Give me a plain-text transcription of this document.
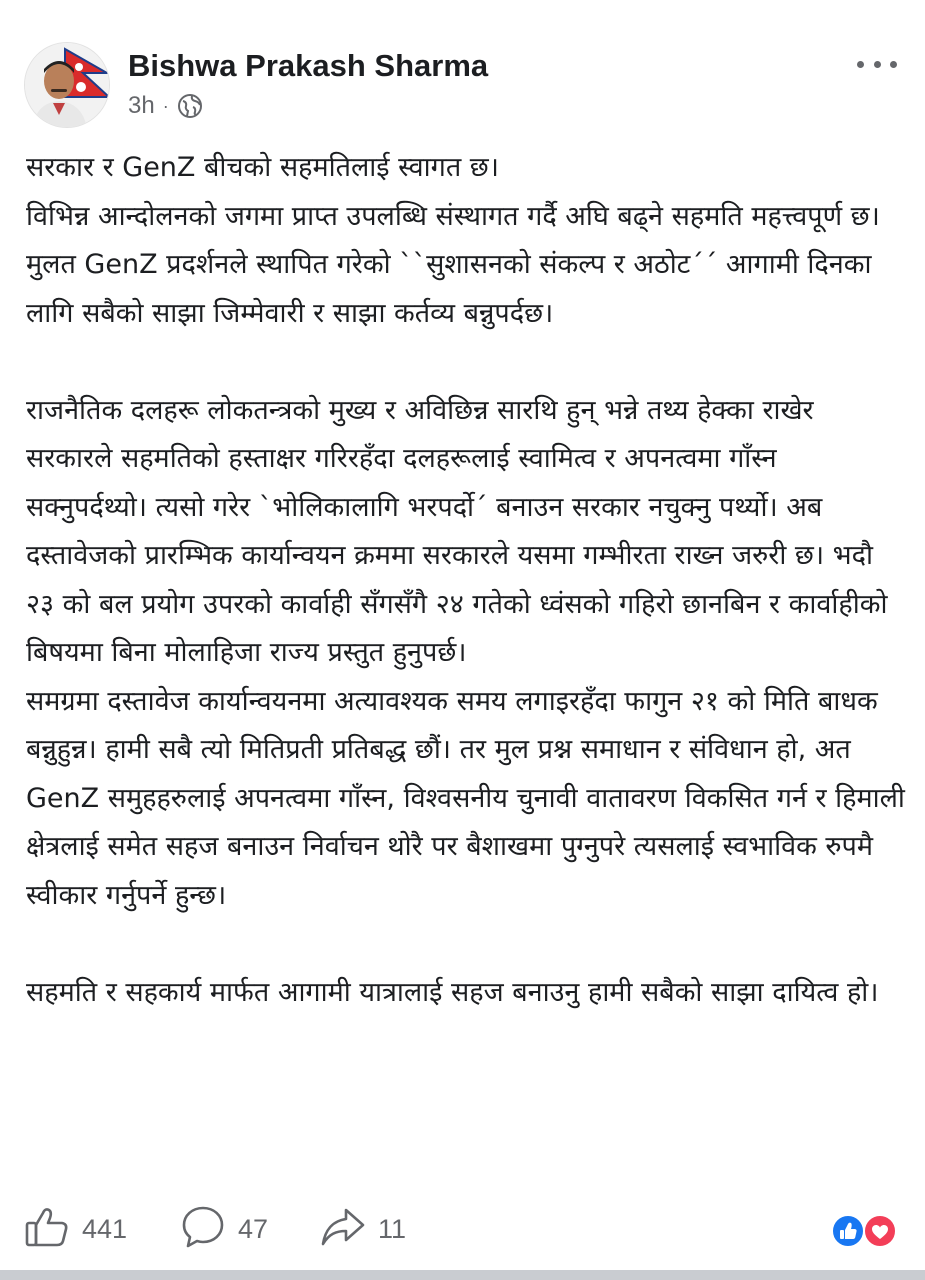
Bishwa Prakash Sharma
3h ·

सरकार र GenZ बीचको सहमतिलाई स्वागत छ।

विभिन्न आन्दोलनको जगमा प्राप्त उपलब्धि संस्थागत गर्दै अघि बढ्ने सहमति महत्त्वपूर्ण छ। मुलत GenZ प्रदर्शनले स्थापित गरेको ``सुशासनको संकल्प र अठोट´´ आगामी दिनका लागि सबैको साझा जिम्मेवारी र साझा कर्तव्य बन्नुपर्दछ।

राजनैतिक दलहरू लोकतन्त्रको मुख्य र अविछिन्न सारथि हुन् भन्ने तथ्य हेक्का राखेर सरकारले सहमतिको हस्ताक्षर गरिरहँदा दलहरूलाई स्वामित्व र अपनत्वमा गाँस्न सक्नुपर्दथ्यो। त्यसो गरेर `भोलिकालागि भरपर्दो´ बनाउन सरकार नचुक्नु पर्थ्यो। अब दस्तावेजको प्रारम्भिक कार्यान्वयन क्रममा सरकारले यसमा गम्भीरता राख्न जरुरी छ। भदौ २३ को बल प्रयोग उपरको कार्वाही सँगसँगै २४ गतेको ध्वंसको गहिरो छानबिन र कार्वाहीको बिषयमा बिना मोलाहिजा राज्य प्रस्तुत हुनुपर्छ।

समग्रमा दस्तावेज कार्यान्वयनमा अत्यावश्यक समय लगाइरहँदा फागुन २१ को मिति बाधक बन्नुहुन्न। हामी सबै त्यो मितिप्रती प्रतिबद्ध छौं। तर मुल प्रश्न समाधान र संविधान हो, अत GenZ समुहहरुलाई अपनत्वमा गाँस्न, विश्वसनीय चुनावी वातावरण विकसित गर्न र हिमाली क्षेत्रलाई समेत सहज बनाउन निर्वाचन थोरै पर बैशाखमा पुग्नुपरे त्यसलाई स्वभाविक रुपमै स्वीकार गर्नुपर्ने हुन्छ।

सहमति र सहकार्य मार्फत आगामी यात्रालाई सहज बनाउनु हामी सबैको साझा दायित्व हो।

441	47	11
